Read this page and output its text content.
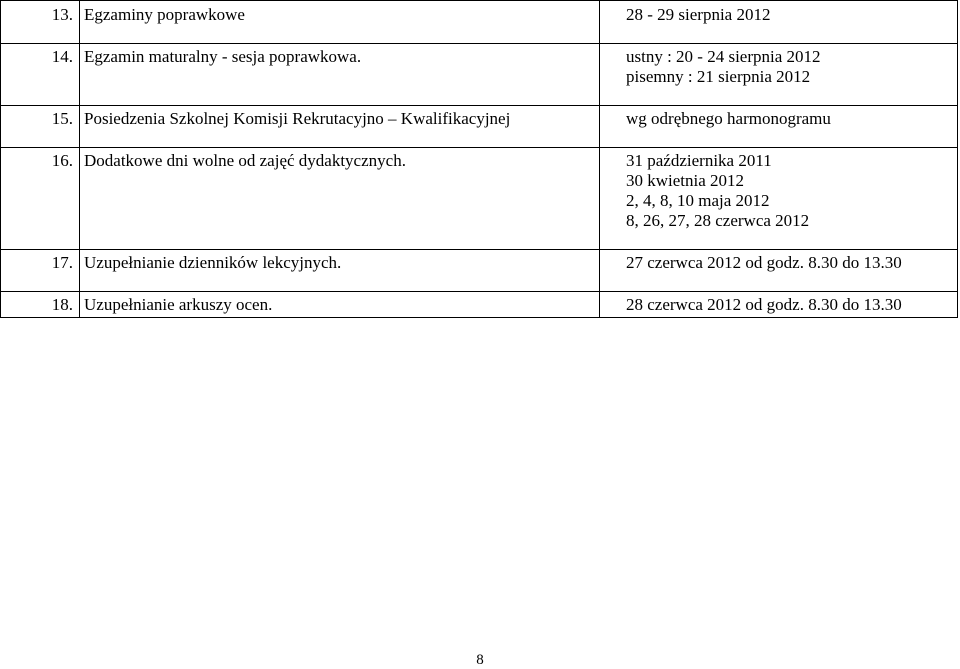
13.	Egzaminy poprawkowe	28 - 29 sierpnia 2012

14.	Egzamin maturalny - sesja poprawkowa.	ustny : 20 - 24 sierpnia 2012
pisemny : 21 sierpnia 2012

15.	Posiedzenia Szkolnej Komisji Rekrutacyjno – Kwalifikacyjnej	wg odrębnego harmonogramu

16.	Dodatkowe dni wolne od zajęć dydaktycznych.	31 października 2011
30 kwietnia 2012
2, 4, 8, 10 maja 2012
8, 26, 27, 28 czerwca 2012

17.	Uzupełnianie dzienników lekcyjnych.	27 czerwca 2012 od godz. 8.30 do 13.30

18.	Uzupełnianie arkuszy ocen.	28 czerwca 2012 od godz. 8.30 do 13.30
8
